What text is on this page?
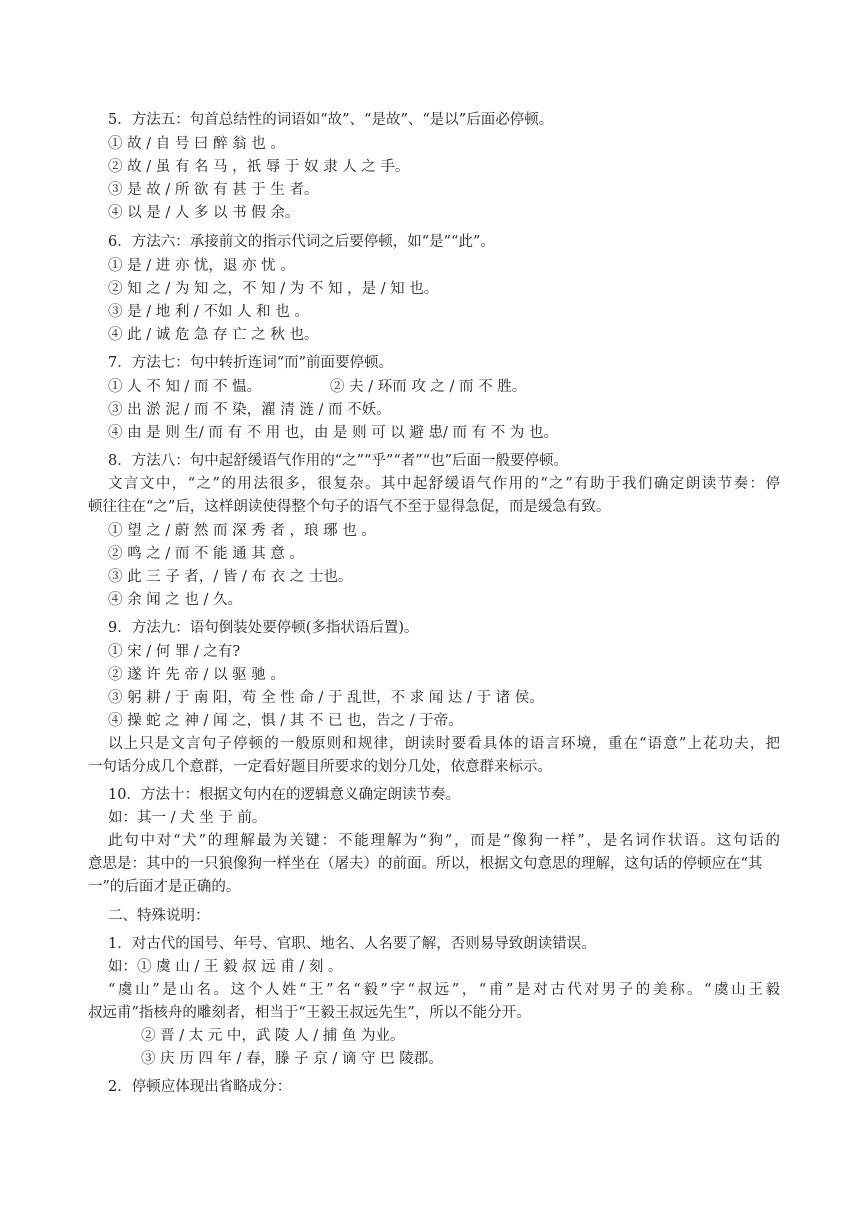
5．方法五：句首总结性的词语如“故”、“是故”、“是以”后面必停顿。
① 故 / 自 号 曰 醉 翁 也 。
② 故 / 虽 有 名 马 ，祇 辱 于 奴 隶 人 之 手。
③ 是 故 / 所 欲 有 甚 于 生 者。
④ 以 是 / 人 多 以 书 假 余。
6．方法六：承接前文的指示代词之后要停顿，如“是”“此”。
① 是 / 进 亦 忧，退 亦 忧 。
② 知 之 / 为 知 之，不 知 / 为 不 知 ，是 / 知 也。
③ 是 / 地 利 / 不如 人 和 也 。
④ 此 / 诚 危 急 存 亡 之 秋 也。
7．方法七：句中转折连词“而”前面要停顿。
① 人 不 知 / 而 不 愠。	② 夫 / 环而 攻 之 / 而 不 胜。
③ 出 淤 泥 / 而 不 染，濯 清 涟 / 而 不妖。
④ 由 是 则 生/ 而 有 不 用 也，由 是 则 可 以 避 患/ 而 有 不 为 也。
8．方法八：句中起舒缓语气作用的“之”“乎”“者”“也”后面一般要停顿。
文言文中，“之”的用法很多，很复杂。其中起舒缓语气作用的“之”有助于我们确定朗读节奏：停
顿往往在“之”后，这样朗读使得整个句子的语气不至于显得急促，而是缓急有致。
① 望 之 / 蔚 然 而 深 秀 者 ，琅 琊 也 。
② 鸣 之 / 而 不 能 通 其 意 。
③ 此 三 子 者，/ 皆 / 布 衣 之 士也。
④ 余 闻 之 也 / 久。
9．方法九：语句倒装处要停顿(多指状语后置)。
① 宋 / 何 罪 / 之有?
② 遂 许 先 帝 / 以 驱 驰 。
③ 躬 耕 / 于 南 阳，苟 全 性 命 / 于 乱世，不 求 闻 达 / 于 诸 侯。
④ 操 蛇 之 神 / 闻 之，惧 / 其 不 已 也，告之 / 于帝。
以上只是文言句子停顿的一般原则和规律，朗读时要看具体的语言环境，重在“语意”上花功夫，把
一句话分成几个意群，一定看好题目所要求的划分几处，依意群来标示。
10．方法十：根据文句内在的逻辑意义确定朗读节奏。
如：其一 / 犬 坐 于 前。
此句中对“犬”的理解最为关键：不能理解为“狗”，而是“像狗一样”，是名词作状语。这句话的
意思是：其中的一只狼像狗一样坐在（屠夫）的前面。所以，根据文句意思的理解，这句话的停顿应在“其
一”的后面才是正确的。
二、特殊说明：
1．对古代的国号、年号、官职、地名、人名要了解，否则易导致朗读错误。
如：① 虞 山 / 王 毅 叔 远 甫 / 刻 。
“虞山”是山名。这个人姓“王”名“毅”字“叔远”，“甫”是对古代对男子的美称。“虞山王毅
叔远甫”指核舟的雕刻者，相当于“王毅王叔远先生”，所以不能分开。
② 晋 / 太 元 中，武 陵 人 / 捕 鱼 为业。
③ 庆 历 四 年 / 春，滕 子 京 / 谪 守 巴 陵郡。
2．停顿应体现出省略成分：
